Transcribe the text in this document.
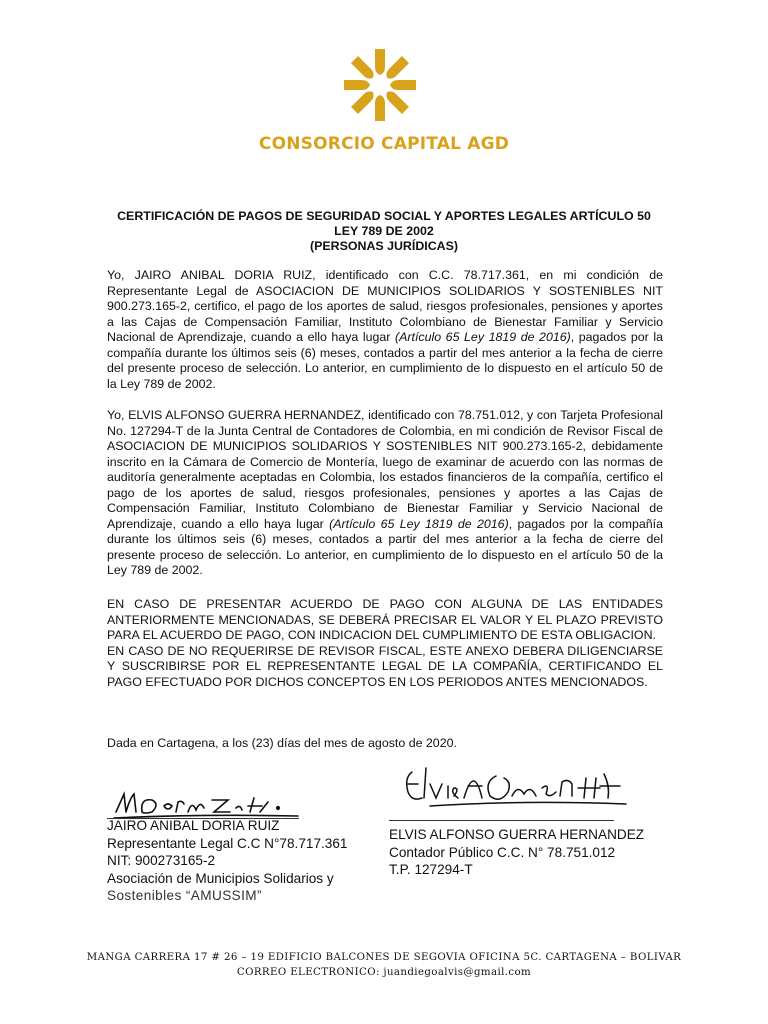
CONSORCIO CAPITAL AGD
CERTIFICACIÓN DE PAGOS DE SEGURIDAD SOCIAL Y APORTES LEGALES ARTÍCULO 50
LEY 789 DE 2002
(PERSONAS JURÍDICAS)
Yo, JAIRO ANIBAL DORIA RUIZ, identificado con C.C. 78.717.361, en mi condición de Representante Legal de ASOCIACION DE MUNICIPIOS SOLIDARIOS Y SOSTENIBLES NIT 900.273.165-2, certifico, el pago de los aportes de salud, riesgos profesionales, pensiones y aportes a las Cajas de Compensación Familiar, Instituto Colombiano de Bienestar Familiar y Servicio Nacional de Aprendizaje, cuando a ello haya lugar (Artículo 65 Ley 1819 de 2016), pagados por la compañía durante los últimos seis (6) meses, contados a partir del mes anterior a la fecha de cierre del presente proceso de selección. Lo anterior, en cumplimiento de lo dispuesto en el artículo 50 de la Ley 789 de 2002.
Yo, ELVIS ALFONSO GUERRA HERNANDEZ, identificado con 78.751.012, y con Tarjeta Profesional No. 127294-T de la Junta Central de Contadores de Colombia, en mi condición de Revisor Fiscal de ASOCIACION DE MUNICIPIOS SOLIDARIOS Y SOSTENIBLES NIT 900.273.165-2, debidamente inscrito en la Cámara de Comercio de Montería, luego de examinar de acuerdo con las normas de auditoría generalmente aceptadas en Colombia, los estados financieros de la compañía, certifico el pago de los aportes de salud, riesgos profesionales, pensiones y aportes a las Cajas de Compensación Familiar, Instituto Colombiano de Bienestar Familiar y Servicio Nacional de Aprendizaje, cuando a ello haya lugar (Artículo 65 Ley 1819 de 2016), pagados por la compañía durante los últimos seis (6) meses, contados a partir del mes anterior a la fecha de cierre del presente proceso de selección. Lo anterior, en cumplimiento de lo dispuesto en el artículo 50 de la Ley 789 de 2002.
EN CASO DE PRESENTAR ACUERDO DE PAGO CON ALGUNA DE LAS ENTIDADES ANTERIORMENTE MENCIONADAS, SE DEBERÁ PRECISAR EL VALOR Y EL PLAZO PREVISTO PARA EL ACUERDO DE PAGO, CON INDICACION DEL CUMPLIMIENTO DE ESTA OBLIGACION.
EN CASO DE NO REQUERIRSE DE REVISOR FISCAL, ESTE ANEXO DEBERA DILIGENCIARSE Y SUSCRIBIRSE POR EL REPRESENTANTE LEGAL DE LA COMPAÑÍA, CERTIFICANDO EL PAGO EFECTUADO POR DICHOS CONCEPTOS EN LOS PERIODOS ANTES MENCIONADOS.
Dada en Cartagena, a los (23) días del mes de agosto de 2020.
JAIRO ANIBAL DORIA RUIZ
Representante Legal C.C N°78.717.361
NIT: 900273165-2
Asociación de Municipios Solidarios y
Sostenibles “AMUSSIM”
ELVIS ALFONSO GUERRA HERNANDEZ
Contador Público C.C. N° 78.751.012
T.P. 127294-T
MANGA CARRERA 17 # 26 – 19 EDIFICIO BALCONES DE SEGOVIA OFICINA 5C. CARTAGENA – BOLIVAR
CORREO ELECTRONICO: juandiegoalvis@gmail.com
